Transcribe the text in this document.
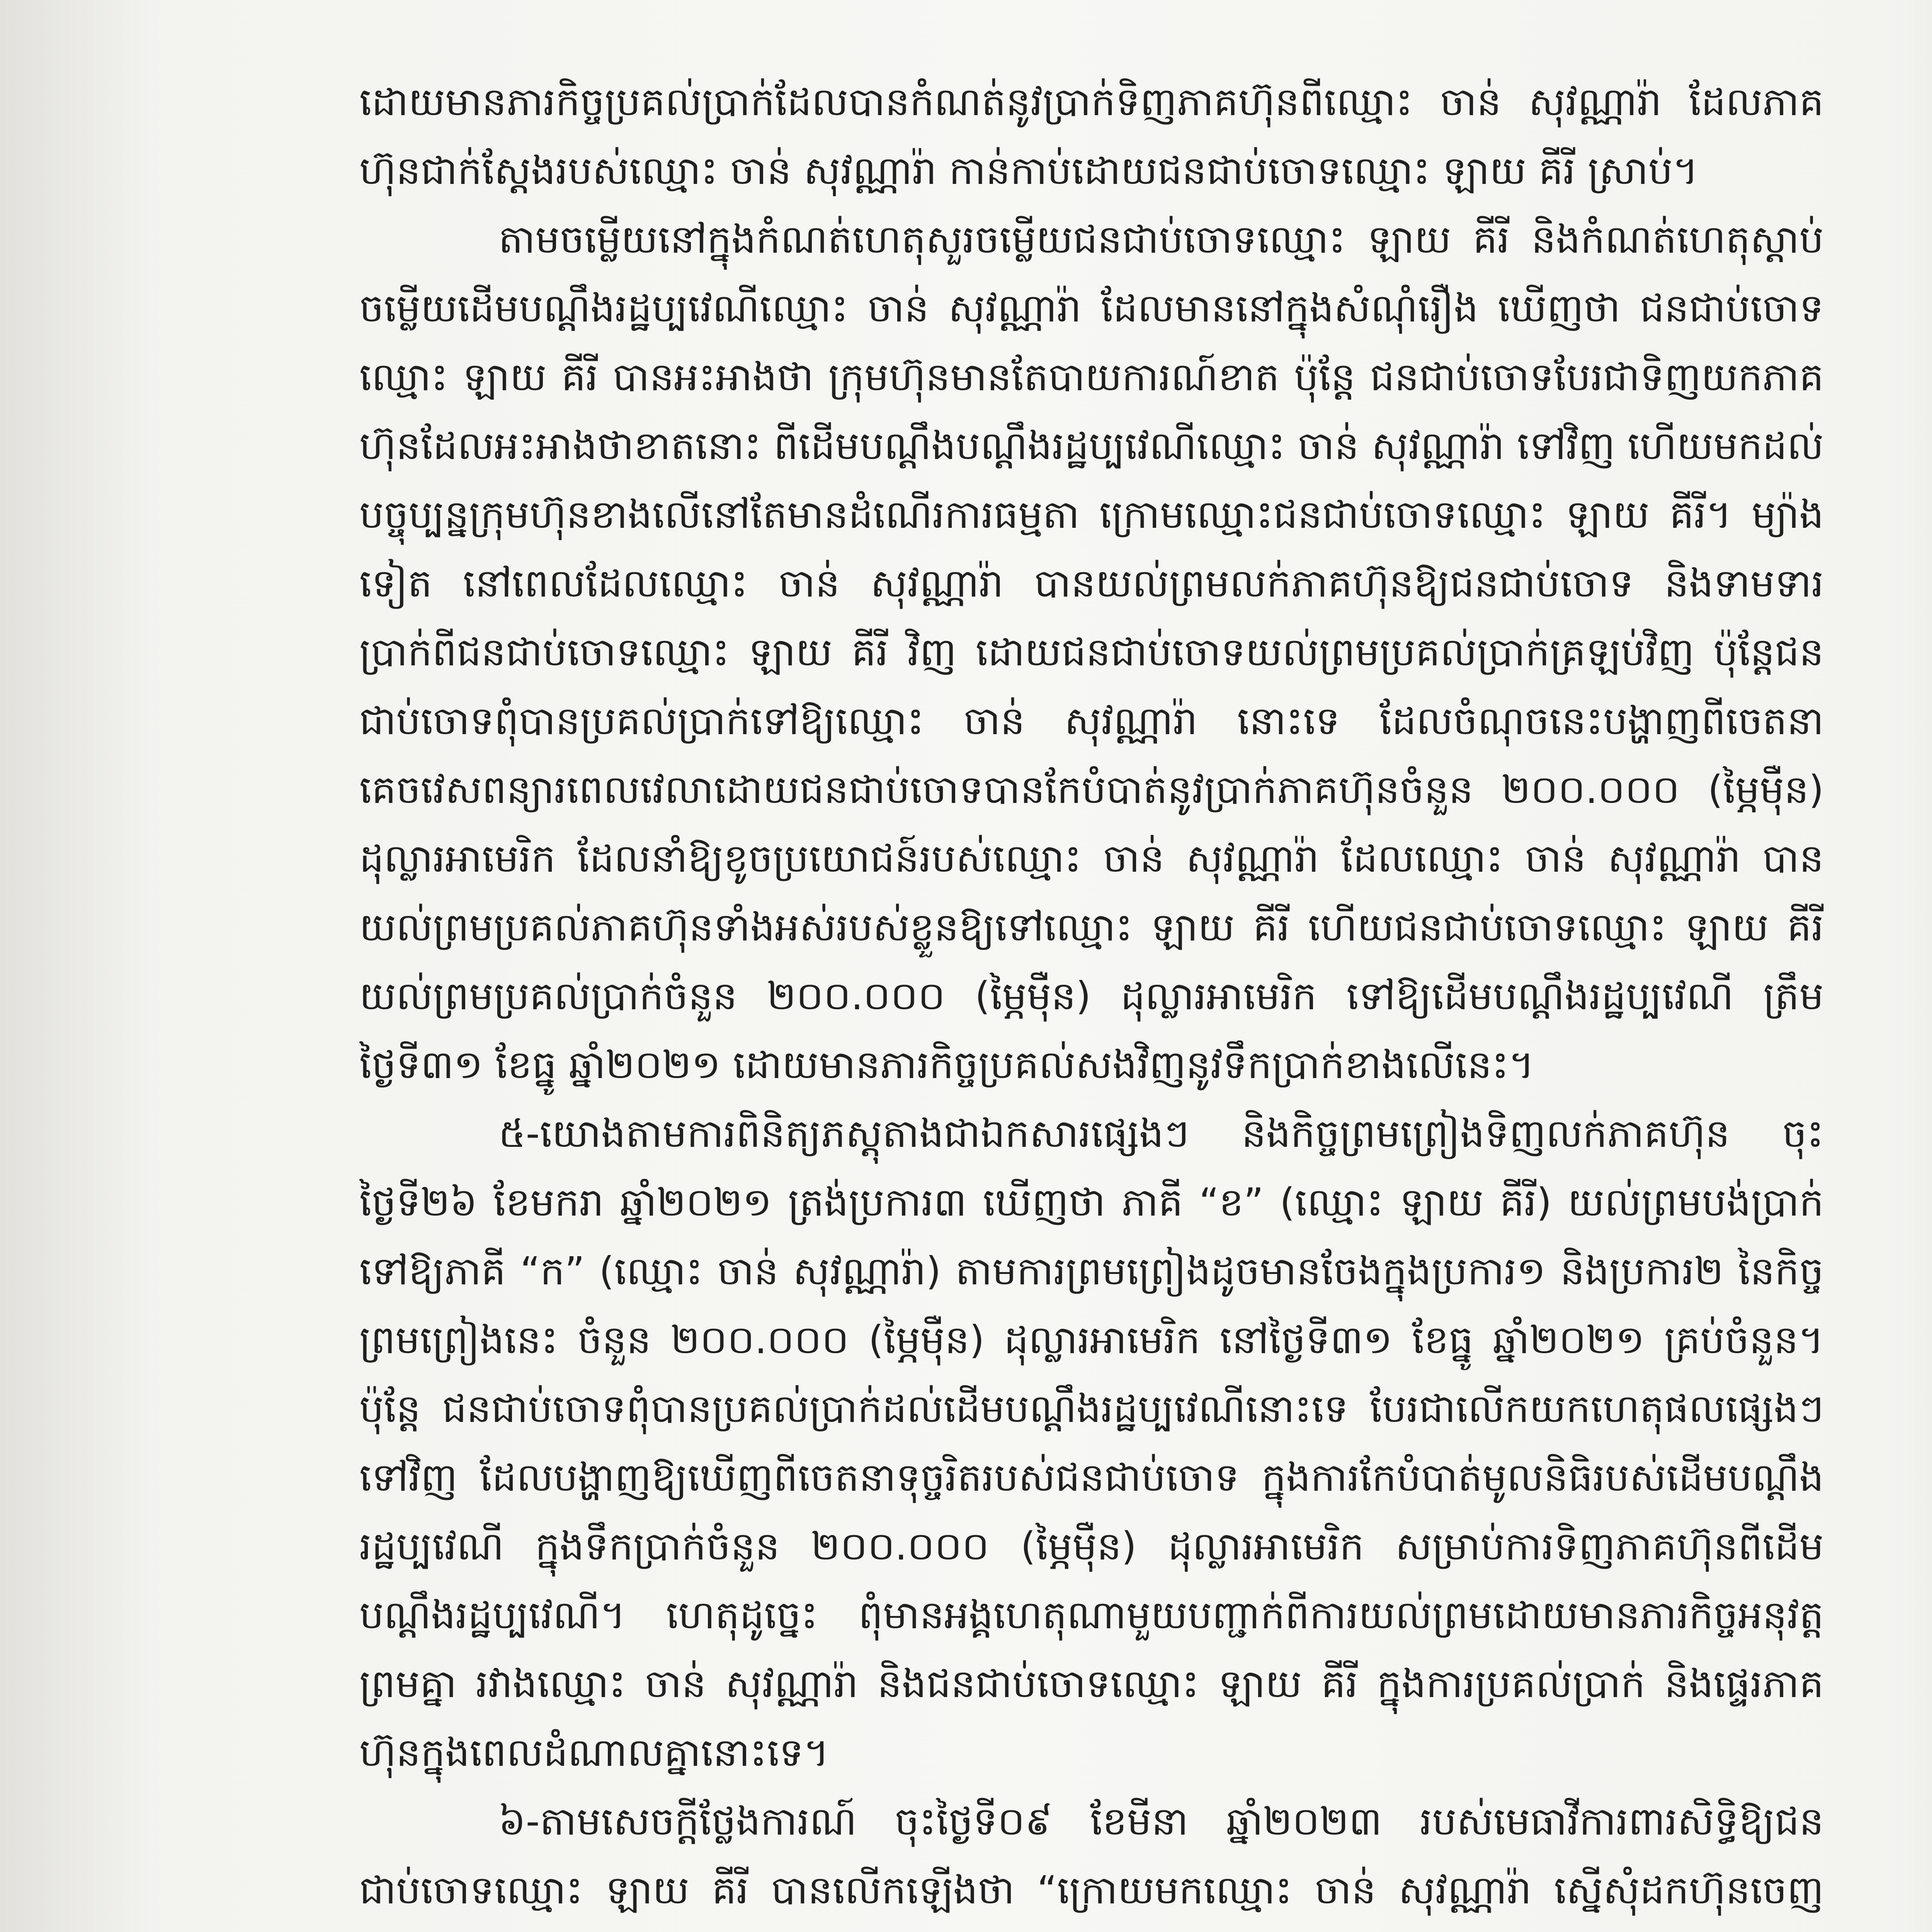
ដោយមានភារកិច្ចប្រគល់ប្រាក់ដែលបានកំណត់នូវប្រាក់ទិញភាគហ៊ុនពីឈ្មោះ ចាន់ សុវណ្ណារ៉ា ដែលភាគហ៊ុនជាក់ស្តែងរបស់ឈ្មោះ ចាន់ សុវណ្ណារ៉ា កាន់កាប់ដោយជនជាប់ចោទឈ្មោះ ឡាយ គីរី ស្រាប់។

តាមចម្លើយនៅក្នុងកំណត់ហេតុសួរចម្លើយជនជាប់ចោទឈ្មោះ ឡាយ គីរី និងកំណត់ហេតុស្តាប់ចម្លើយដើមបណ្តឹងរដ្ឋប្បវេណីឈ្មោះ ចាន់ សុវណ្ណារ៉ា ដែលមាននៅក្នុងសំណុំរឿង ឃើញថា ជនជាប់ចោទឈ្មោះ ឡាយ គីរី បានអះអាងថា ក្រុមហ៊ុនមានតែបាយការណ៍ខាត ប៉ុន្តែ ជនជាប់ចោទបែរជាទិញយកភាគហ៊ុនដែលអះអាងថាខាតនោះ ពីដើមបណ្តឹងបណ្តឹងរដ្ឋប្បវេណីឈ្មោះ ចាន់ សុវណ្ណារ៉ា ទៅវិញ ហើយមកដល់បច្ចុប្បន្នក្រុមហ៊ុនខាងលើនៅតែមានដំណើរការធម្មតា ក្រោមឈ្មោះជនជាប់ចោទឈ្មោះ ឡាយ គីរី។ ម្យ៉ាងទៀត នៅពេលដែលឈ្មោះ ចាន់ សុវណ្ណារ៉ា បានយល់ព្រមលក់ភាគហ៊ុនឱ្យជនជាប់ចោទ និងទាមទារប្រាក់ពីជនជាប់ចោទឈ្មោះ ឡាយ គីរី វិញ ដោយជនជាប់ចោទយល់ព្រមប្រគល់ប្រាក់គ្រឡប់វិញ ប៉ុន្តែជនជាប់ចោទពុំបានប្រគល់ប្រាក់ទៅឱ្យឈ្មោះ ចាន់ សុវណ្ណារ៉ា នោះទេ ដែលចំណុចនេះបង្ហាញពីចេតនា គេចវេសពន្យារពេលវេលាដោយជនជាប់ចោទបានកែបំបាត់នូវប្រាក់ភាគហ៊ុនចំនួន ២០០.០០០ (ម្ភៃម៉ឺន) ដុល្លារអាមេរិក ដែលនាំឱ្យខូចប្រយោជន៍របស់ឈ្មោះ ចាន់ សុវណ្ណារ៉ា ដែលឈ្មោះ ចាន់ សុវណ្ណារ៉ា បានយល់ព្រមប្រគល់ភាគហ៊ុនទាំងអស់របស់ខ្លួនឱ្យទៅឈ្មោះ ឡាយ គីរី ហើយជនជាប់ចោទឈ្មោះ ឡាយ គីរី យល់ព្រមប្រគល់ប្រាក់ចំនួន ២០០.០០០ (ម្ភៃម៉ឺន) ដុល្លារអាមេរិក ទៅឱ្យដើមបណ្តឹងរដ្ឋប្បវេណី ត្រឹមថ្ងៃទី៣១ ខែធ្នូ ឆ្នាំ២០២១ ដោយមានភារកិច្ចប្រគល់សងវិញនូវទឹកប្រាក់ខាងលើនេះ។

៥-យោងតាមការពិនិត្យភស្តុតាងជាឯកសារផ្សេងៗ និងកិច្ចព្រមព្រៀងទិញលក់ភាគហ៊ុន ចុះថ្ងៃទី២៦ ខែមករា ឆ្នាំ២០២១ ត្រង់ប្រការ៣ ឃើញថា ភាគី “ខ” (ឈ្មោះ ឡាយ គីរី) យល់ព្រមបង់ប្រាក់ទៅឱ្យភាគី “ក” (ឈ្មោះ ចាន់ សុវណ្ណារ៉ា) តាមការព្រមព្រៀងដូចមានចែងក្នុងប្រការ១ និងប្រការ២ នៃកិច្ចព្រមព្រៀងនេះ ចំនួន ២០០.០០០ (ម្ភៃម៉ឺន) ដុល្លារអាមេរិក នៅថ្ងៃទី៣១ ខែធ្នូ ឆ្នាំ២០២១ គ្រប់ចំនួន។ ប៉ុន្តែ ជនជាប់ចោទពុំបានប្រគល់ប្រាក់ដល់ដើមបណ្តឹងរដ្ឋប្បវេណីនោះទេ បែរជាលើកយកហេតុផលផ្សេងៗទៅវិញ ដែលបង្ហាញឱ្យឃើញពីចេតនាទុច្ចរិតរបស់ជនជាប់ចោទ ក្នុងការកែបំបាត់មូលនិធិរបស់ដើមបណ្តឹងរដ្ឋប្បវេណី ក្នុងទឹកប្រាក់ចំនួន ២០០.០០០ (ម្ភៃម៉ឺន) ដុល្លារអាមេរិក សម្រាប់ការទិញភាគហ៊ុនពីដើមបណ្តឹងរដ្ឋប្បវេណី។ ហេតុដូច្នេះ ពុំមានអង្គហេតុណាមួយបញ្ជាក់ពីការយល់ព្រមដោយមានភារកិច្ចអនុវត្តព្រមគ្នា រវាងឈ្មោះ ចាន់ សុវណ្ណារ៉ា និងជនជាប់ចោទឈ្មោះ ឡាយ គីរី ក្នុងការប្រគល់ប្រាក់ និងផ្ទេរភាគហ៊ុនក្នុងពេលដំណាលគ្នានោះទេ។

៦-តាមសេចក្តីថ្លែងការណ៍ ចុះថ្ងៃទី០៩ ខែមីនា ឆ្នាំ២០២៣ របស់មេធាវីការពារសិទ្ធិឱ្យជនជាប់ចោទឈ្មោះ ឡាយ គីរី បានលើកឡើងថា “ក្រោយមកឈ្មោះ ចាន់ សុវណ្ណារ៉ា ស្នើសុំដកហ៊ុនចេញ
